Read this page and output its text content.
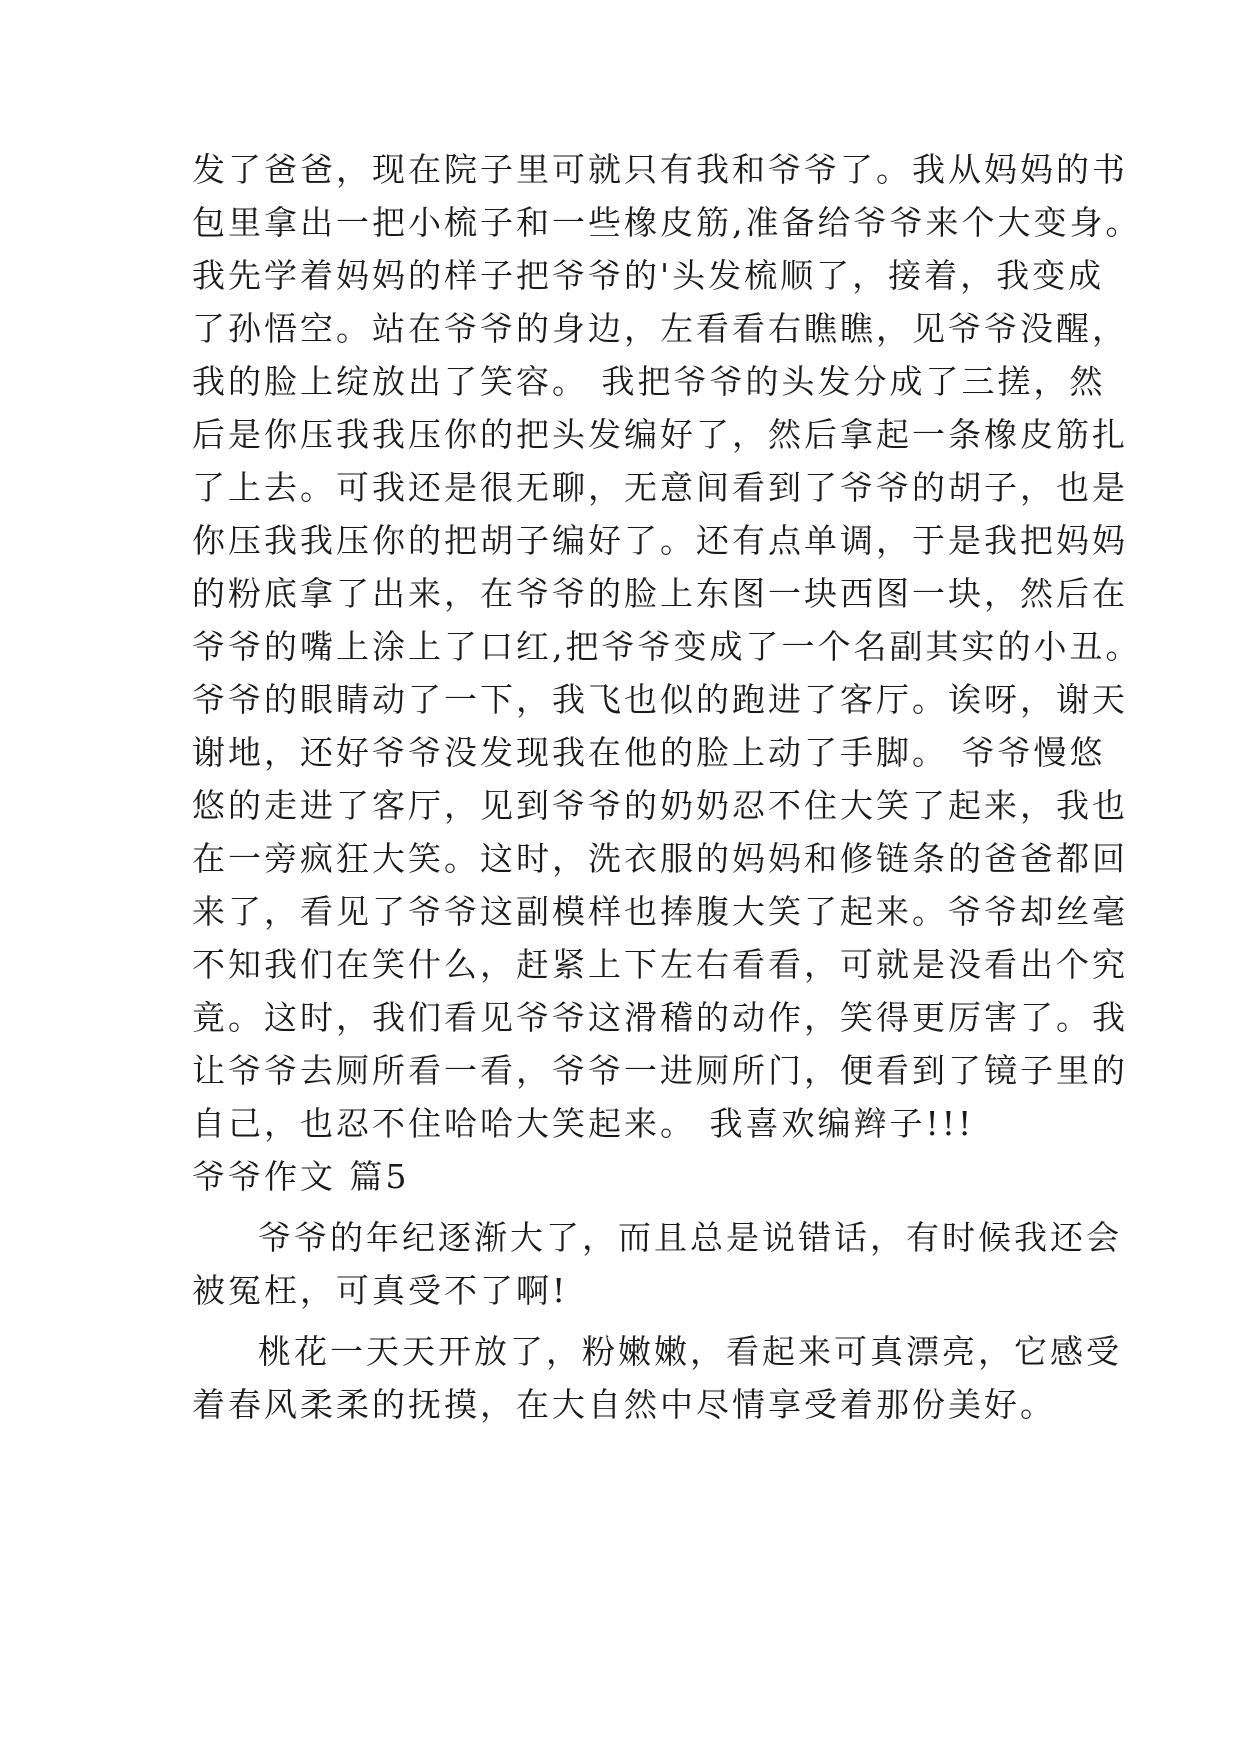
发了爸爸，现在院子里可就只有我和爷爷了。我从妈妈的书
包里拿出一把小梳子和一些橡皮筋,准备给爷爷来个大变身。
我先学着妈妈的样子把爷爷的'头发梳顺了，接着，我变成
了孙悟空。站在爷爷的身边，左看看右瞧瞧，见爷爷没醒，
我的脸上绽放出了笑容。 我把爷爷的头发分成了三搓，然
后是你压我我压你的把头发编好了，然后拿起一条橡皮筋扎
了上去。可我还是很无聊，无意间看到了爷爷的胡子，也是
你压我我压你的把胡子编好了。还有点单调，于是我把妈妈
的粉底拿了出来，在爷爷的脸上东图一块西图一块，然后在
爷爷的嘴上涂上了口红,把爷爷变成了一个名副其实的小丑。
爷爷的眼睛动了一下，我飞也似的跑进了客厅。诶呀，谢天
谢地，还好爷爷没发现我在他的脸上动了手脚。 爷爷慢悠
悠的走进了客厅，见到爷爷的奶奶忍不住大笑了起来，我也
在一旁疯狂大笑。这时，洗衣服的妈妈和修链条的爸爸都回
来了，看见了爷爷这副模样也捧腹大笑了起来。爷爷却丝毫
不知我们在笑什么，赶紧上下左右看看，可就是没看出个究
竟。这时，我们看见爷爷这滑稽的动作，笑得更厉害了。我
让爷爷去厕所看一看，爷爷一进厕所门，便看到了镜子里的
自己，也忍不住哈哈大笑起来。 我喜欢编辫子!!!
爷爷作文 篇5
爷爷的年纪逐渐大了，而且总是说错话，有时候我还会
被冤枉，可真受不了啊!
桃花一天天开放了，粉嫩嫩，看起来可真漂亮，它感受
着春风柔柔的抚摸，在大自然中尽情享受着那份美好。
